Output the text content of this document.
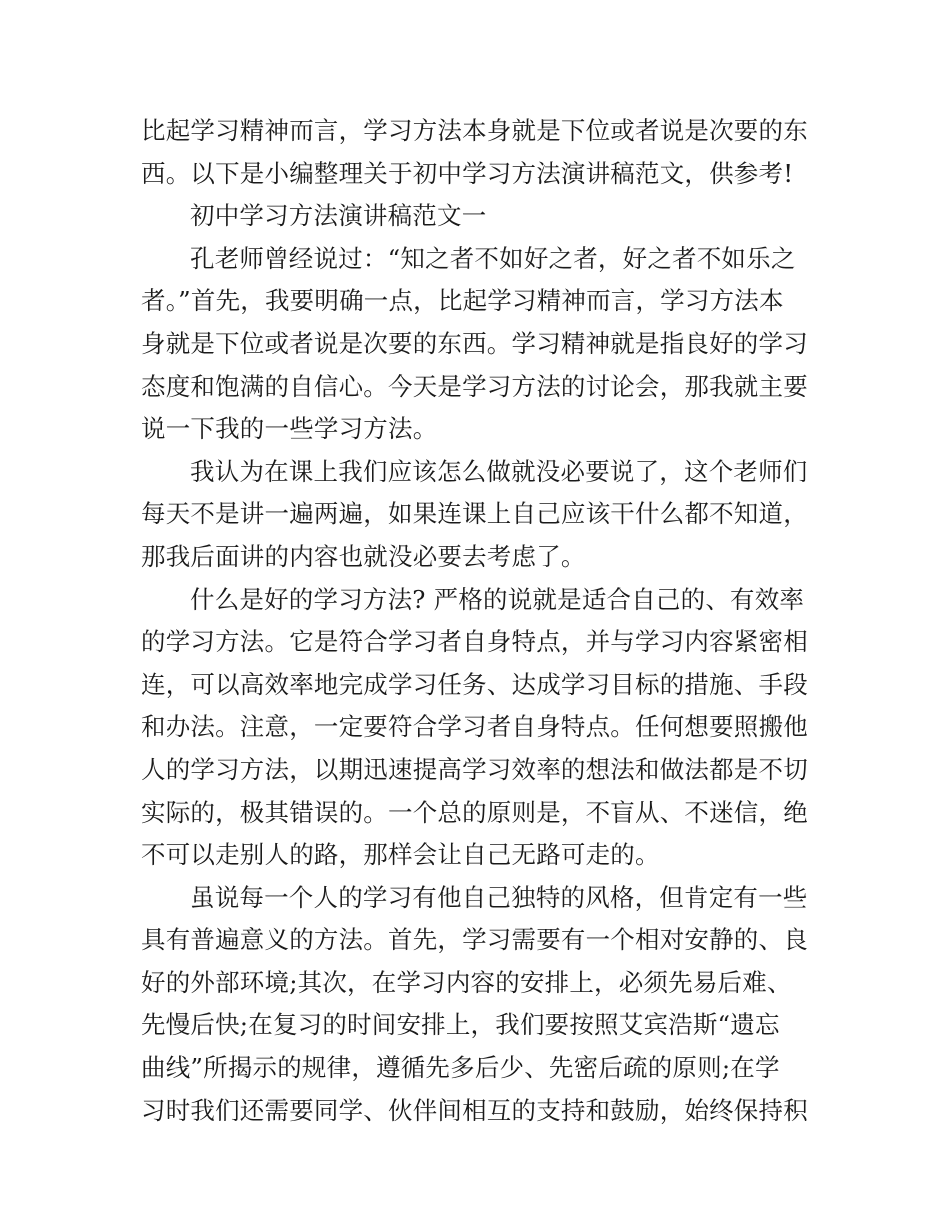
比起学习精神而言，学习方法本身就是下位或者说是次要的东
西。以下是小编整理关于初中学习方法演讲稿范文，供参考!
初中学习方法演讲稿范文一
孔老师曾经说过：“知之者不如好之者，好之者不如乐之
者。”首先，我要明确一点，比起学习精神而言，学习方法本
身就是下位或者说是次要的东西。学习精神就是指良好的学习
态度和饱满的自信心。今天是学习方法的讨论会，那我就主要
说一下我的一些学习方法。
我认为在课上我们应该怎么做就没必要说了，这个老师们
每天不是讲一遍两遍，如果连课上自己应该干什么都不知道，
那我后面讲的内容也就没必要去考虑了。
什么是好的学习方法? 严格的说就是适合自己的、有效率
的学习方法。它是符合学习者自身特点，并与学习内容紧密相
连，可以高效率地完成学习任务、达成学习目标的措施、手段
和办法。注意，一定要符合学习者自身特点。任何想要照搬他
人的学习方法，以期迅速提高学习效率的想法和做法都是不切
实际的，极其错误的。一个总的原则是，不盲从、不迷信，绝
不可以走别人的路，那样会让自己无路可走的。
虽说每一个人的学习有他自己独特的风格，但肯定有一些
具有普遍意义的方法。首先，学习需要有一个相对安静的、良
好的外部环境;其次，在学习内容的安排上，必须先易后难、
先慢后快;在复习的时间安排上，我们要按照艾宾浩斯“遗忘
曲线”所揭示的规律，遵循先多后少、先密后疏的原则;在学
习时我们还需要同学、伙伴间相互的支持和鼓励，始终保持积
